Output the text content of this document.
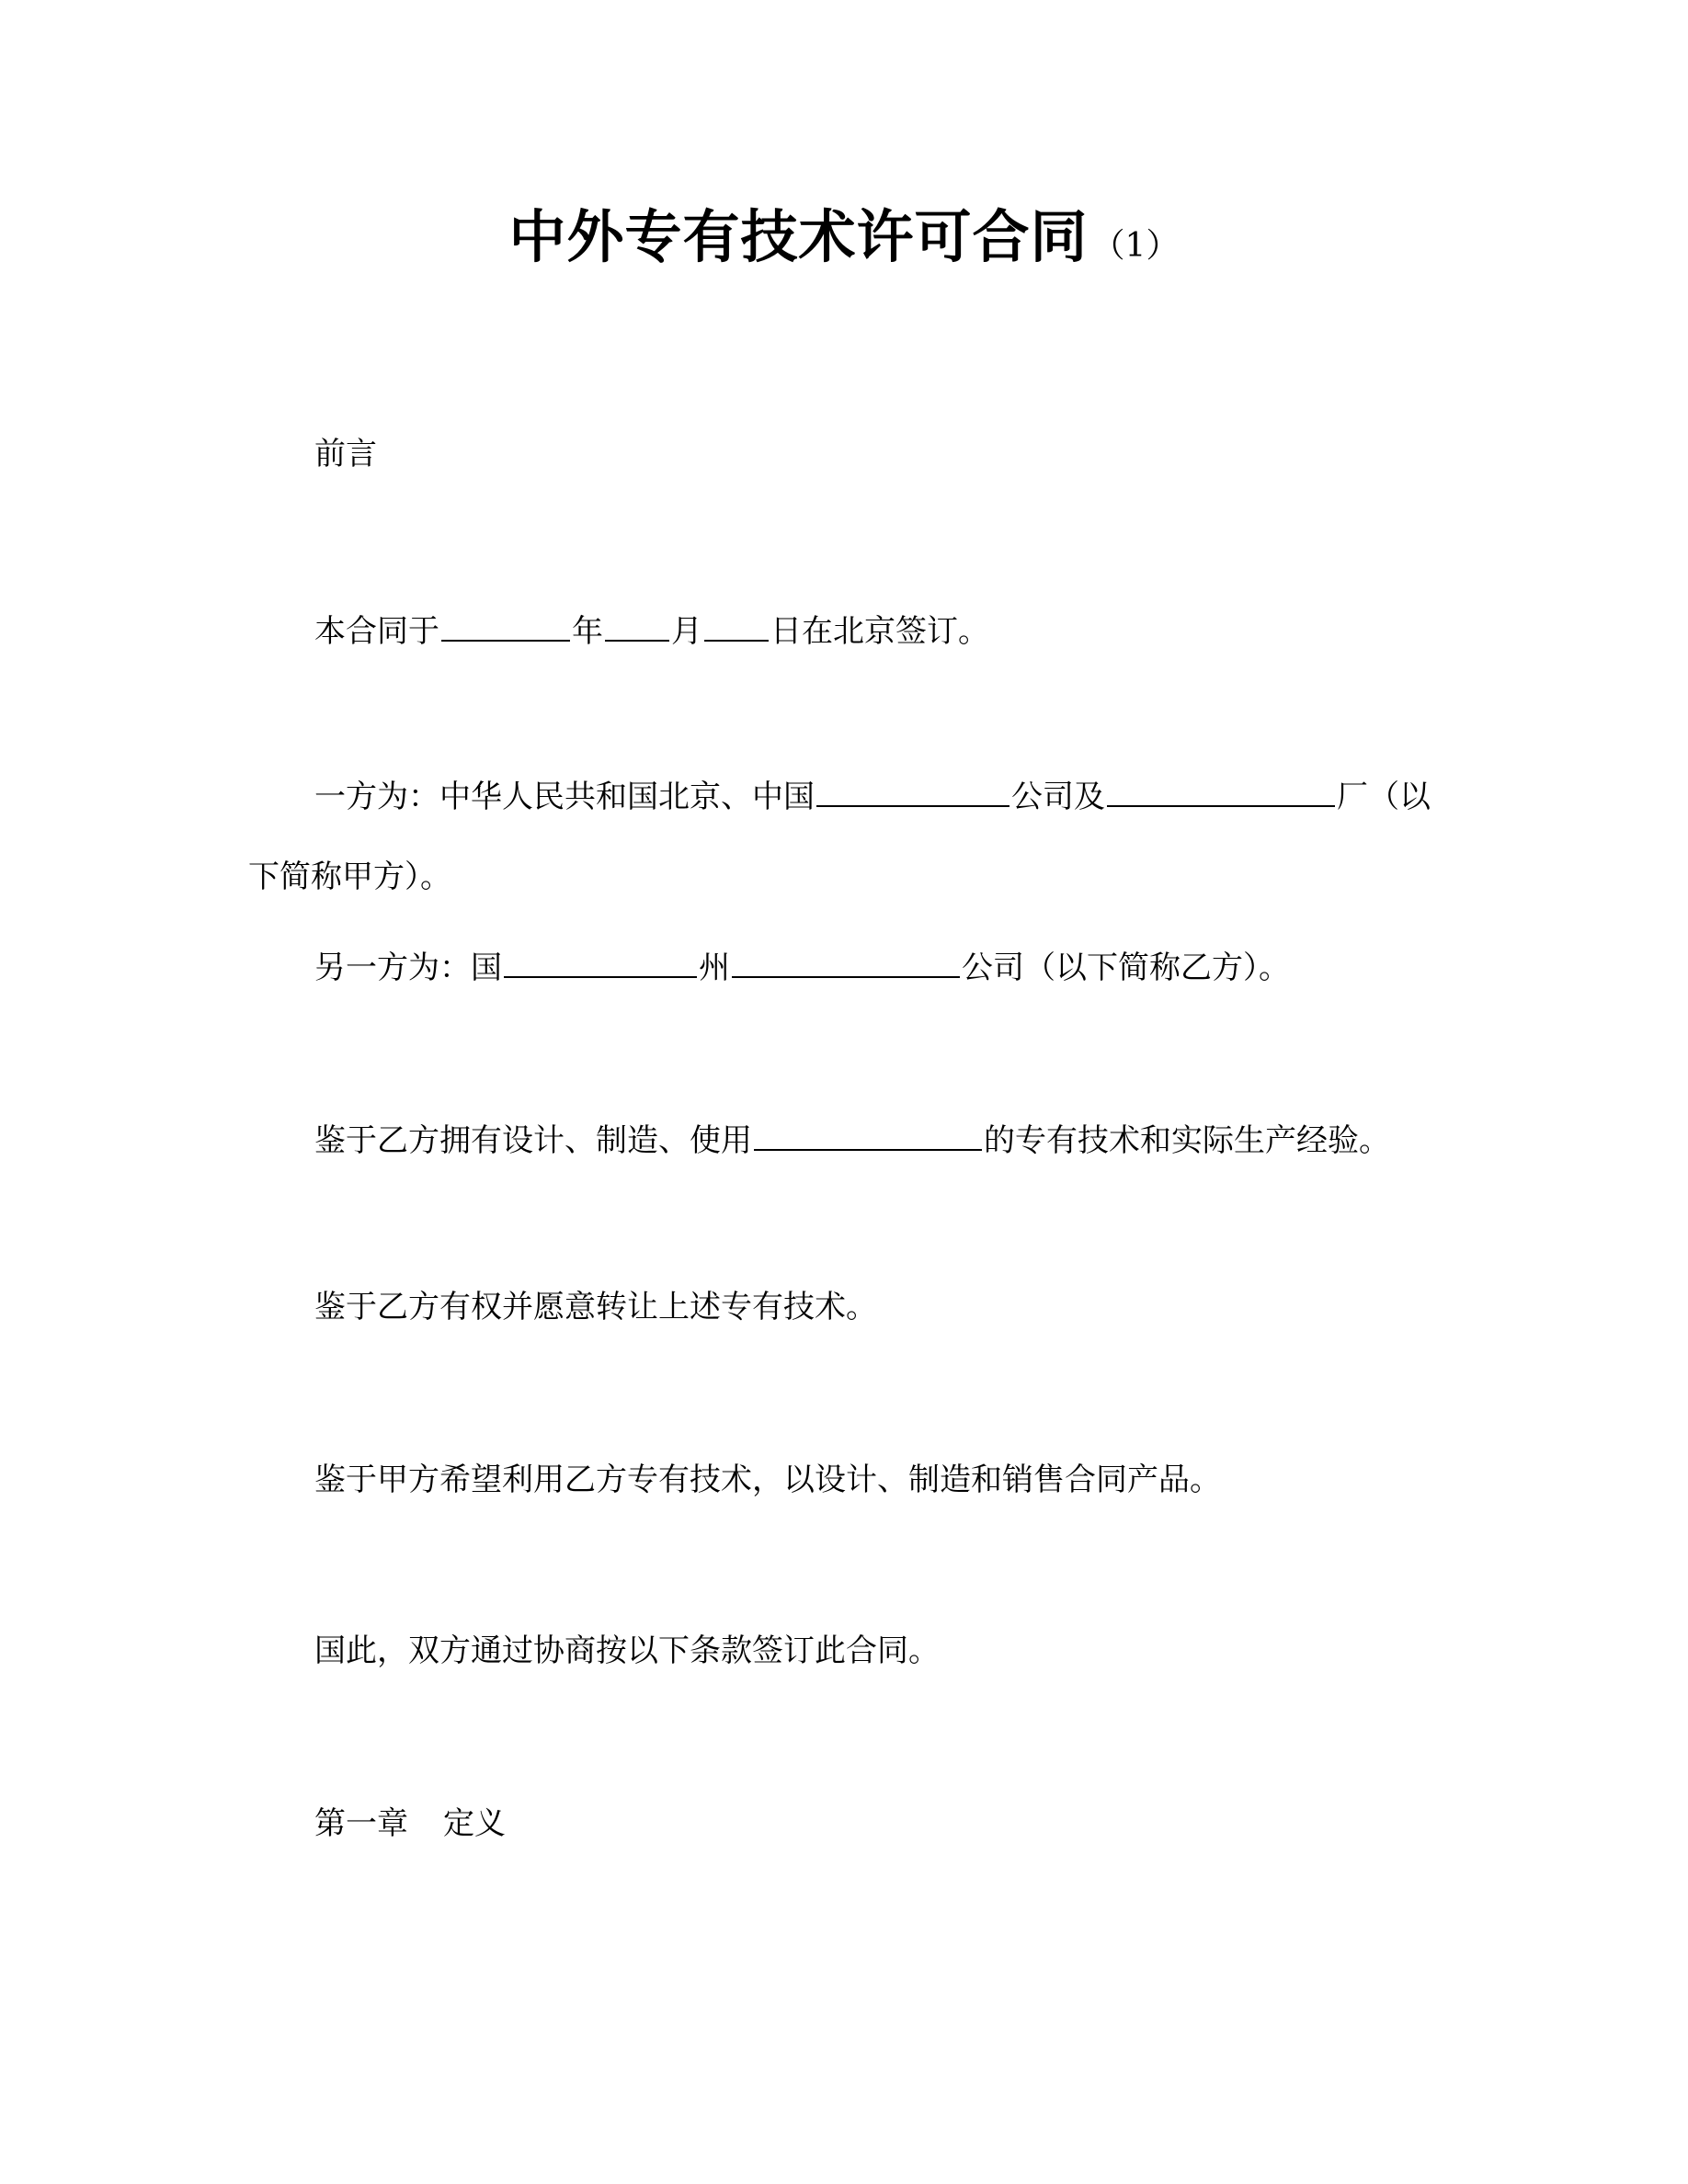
中外专有技术许可合同 （1）
前言
本合同于	年 月 日在北京签订。
一方为：中华人民共和国北京、中国	公司及	厂（以
下简称甲方）。
另一方为：国	州	公司（以下简称乙方）。
鉴于乙方拥有设计、制造、使用	的专有技术和实际生产经验。
鉴于乙方有权并愿意转让上述专有技术。
鉴于甲方希望利用乙方专有技术，以设计、制造和销售合同产品。
国此，双方通过协商按以下条款签订此合同。
第一章 定义
